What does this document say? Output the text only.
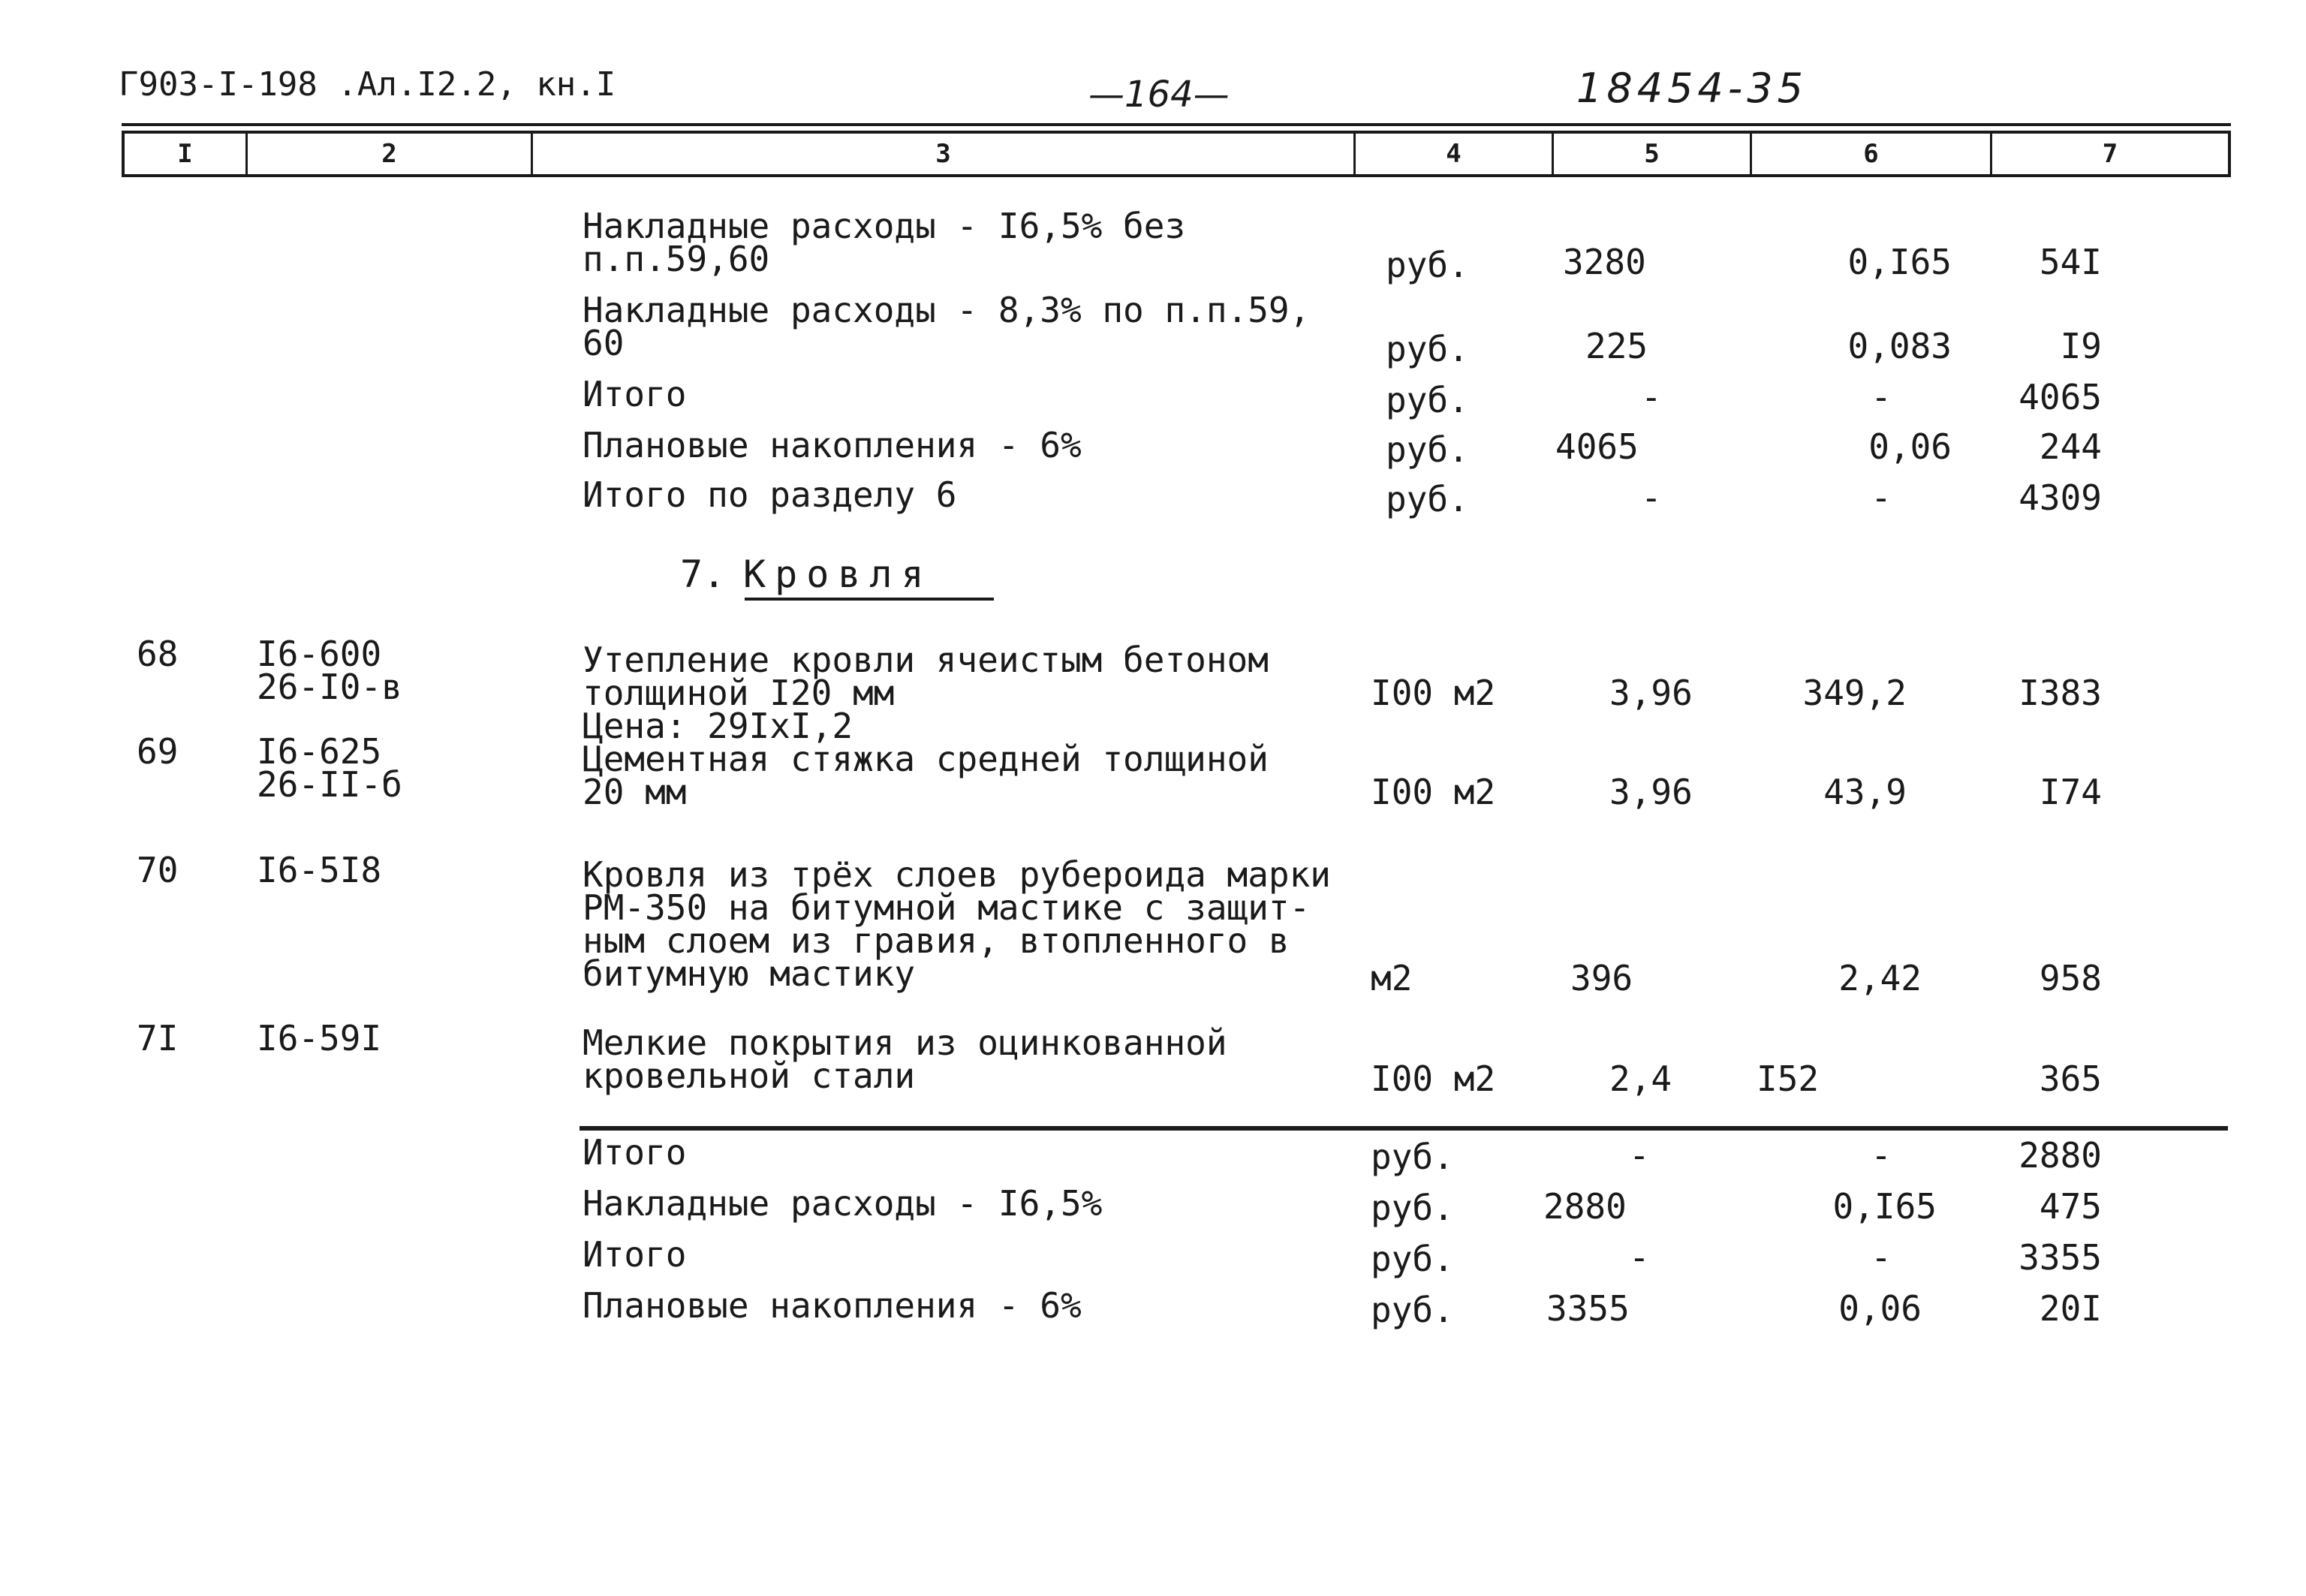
Г903-I-198 .Ал.I2.2, кн.I	—164—	18454-35
I	2	3	4	5	6	7
Накладные расходы - I6,5% без
п.п.59,60	руб.	3280	0,I65	54I
Накладные расходы - 8,3% по п.п.59,
60	руб.	225	0,083	I9
Итого	руб.	-	-	4065
Плановые накопления - 6%	руб.	4065	0,06	244
Итого по разделу 6	руб.	-	-	4309
7. Кровля
68 I6-600
26-I0-в
Утепление кровли ячеистым бетоном
толщиной I20 мм
Цена: 29IxI,2
I00 м2	3,96	349,2	I383
69 I6-625
26-II-б
Цементная стяжка средней толщиной
20 мм	I00 м2	3,96	43,9	I74
70 I6-5I8	Кровля из трёх слоев рубероида марки
РМ-350 на битумной мастике с защит-
ным слоем из гравия, втопленного в
битумную мастику	м2	396	2,42	958
7I I6-59I	Мелкие покрытия из оцинкованной
кровельной стали	I00 м2	2,4 I52	365
Итого	руб.	-	-	2880
Накладные расходы - I6,5%	руб.	2880	0,I65	475
Итого	руб.	-	-	3355
Плановые накопления - 6%	руб.	3355	0,06	20I
